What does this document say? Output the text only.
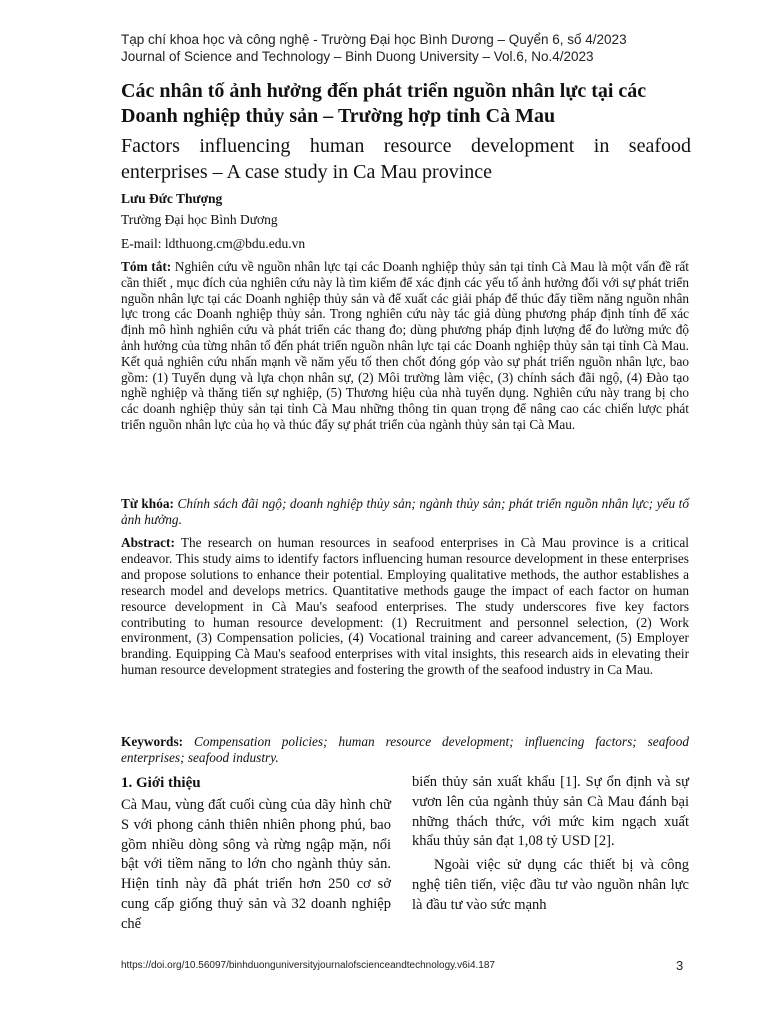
Tạp chí khoa học và công nghệ - Trường Đại học Bình Dương – Quyển 6, số 4/2023
Journal of Science and Technology – Binh Duong University – Vol.6, No.4/2023
Các nhân tố ảnh hưởng đến phát triển nguồn nhân lực tại các Doanh nghiệp thủy sản – Trường hợp tỉnh Cà Mau
Factors influencing human resource development in seafood enterprises – A case study in Ca Mau province
Lưu Đức Thượng
Trường Đại học Bình Dương
E-mail: ldthuong.cm@bdu.edu.vn
Tóm tắt: Nghiên cứu về nguồn nhân lực tại các Doanh nghiệp thủy sản tại tỉnh Cà Mau là một vấn đề rất cần thiết , mục đích của nghiên cứu này là tìm kiếm để xác định các yếu tố ảnh hưởng đối với sự phát triển nguồn nhân lực tại các Doanh nghiệp thủy sản và để xuất các giải pháp để thúc đẩy tiềm năng nguồn nhân lực trong các Doanh nghiệp thủy sản. Trong nghiên cứu này tác giả dùng phương pháp định tính để xác định mô hình nghiên cứu và phát triển các thang đo; dùng phương pháp định lượng để đo lường mức độ ảnh hưởng của từng nhân tố đến phát triển nguồn nhân lực tại các Doanh nghiệp thủy sản tại tỉnh Cà Mau. Kết quả nghiên cứu nhấn mạnh về năm yếu tố then chốt đóng góp vào sự phát triển nguồn nhân lực, bao gồm: (1) Tuyển dụng và lựa chọn nhân sự, (2) Môi trường làm việc, (3) chính sách đãi ngộ, (4) Đào tạo nghề nghiệp và thăng tiến sự nghiệp, (5) Thương hiệu của nhà tuyển dụng. Nghiên cứu này trang bị cho các doanh nghiệp thủy sản tại tỉnh Cà Mau những thông tin quan trọng để nâng cao các chiến lược phát triển nguồn nhân lực của họ và thúc đẩy sự phát triển của ngành thủy sản tại Cà Mau.
Từ khóa: Chính sách đãi ngộ; doanh nghiệp thủy sản; ngành thủy sản; phát triển nguồn nhân lực; yếu tố ảnh hưởng.
Abstract: The research on human resources in seafood enterprises in Cà Mau province is a critical endeavor. This study aims to identify factors influencing human resource development in these enterprises and propose solutions to enhance their potential. Employing qualitative methods, the author establishes a research model and develops metrics. Quantitative methods gauge the impact of each factor on human resource development in Cà Mau's seafood enterprises. The study underscores five key factors contributing to human resource development: (1) Recruitment and personnel selection, (2) Work environment, (3) Compensation policies, (4) Vocational training and career advancement, (5) Employer branding. Equipping Cà Mau's seafood enterprises with vital insights, this research aids in elevating their human resource development strategies and fostering the growth of the seafood industry in Ca Mau.
Keywords: Compensation policies; human resource development; influencing factors; seafood enterprises; seafood industry.
1. Giới thiệu

Cà Mau, vùng đất cuối cùng của dãy hình chữ S với phong cảnh thiên nhiên phong phú, bao gồm nhiều dòng sông và rừng ngập mặn, nổi bật với tiềm năng to lớn cho ngành thủy sản. Hiện tỉnh này đã phát triển hơn 250 cơ sở cung cấp giống thuỷ sản và 32 doanh nghiệp chế

biến thủy sản xuất khẩu [1]. Sự ổn định và sự vươn lên của ngành thủy sản Cà Mau đánh bại những thách thức, với mức kim ngạch xuất khẩu thủy sản đạt 1,08 tỷ USD [2].

Ngoài việc sử dụng các thiết bị và công nghệ tiên tiến, việc đầu tư vào nguồn nhân lực là đầu tư vào sức mạnh

https://doi.org/10.56097/binhduonguniversityjournalofscienceandtechnology.v6i4.187	3
